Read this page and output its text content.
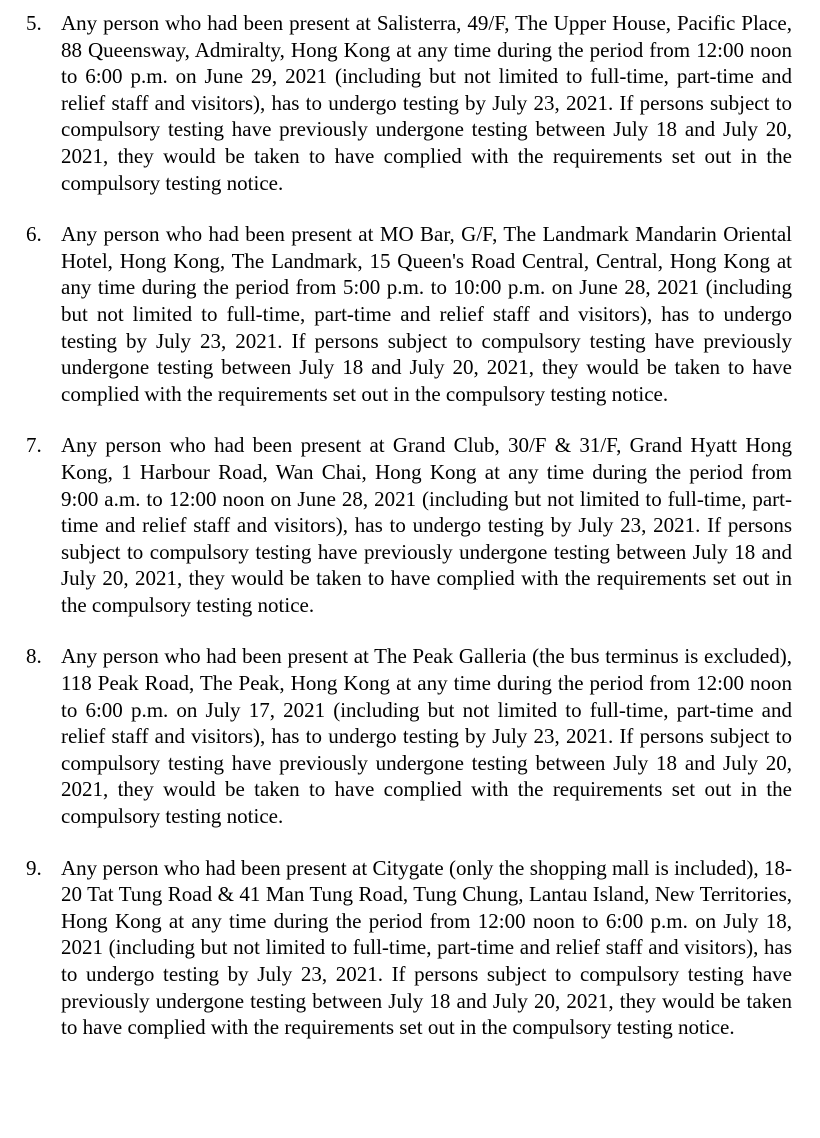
5. Any person who had been present at Salisterra, 49/F, The Upper House, Pacific Place, 88 Queensway, Admiralty, Hong Kong at any time during the period from 12:00 noon to 6:00 p.m. on June 29, 2021 (including but not limited to full-time, part-time and relief staff and visitors), has to undergo testing by July 23, 2021. If persons subject to compulsory testing have previously undergone testing between July 18 and July 20, 2021, they would be taken to have complied with the requirements set out in the compulsory testing notice.

6. Any person who had been present at MO Bar, G/F, The Landmark Mandarin Oriental Hotel, Hong Kong, The Landmark, 15 Queen's Road Central, Central, Hong Kong at any time during the period from 5:00 p.m. to 10:00 p.m. on June 28, 2021 (including but not limited to full-time, part-time and relief staff and visitors), has to undergo testing by July 23, 2021. If persons subject to compulsory testing have previously undergone testing between July 18 and July 20, 2021, they would be taken to have complied with the requirements set out in the compulsory testing notice.

7. Any person who had been present at Grand Club, 30/F & 31/F, Grand Hyatt Hong Kong, 1 Harbour Road, Wan Chai, Hong Kong at any time during the period from 9:00 a.m. to 12:00 noon on June 28, 2021 (including but not limited to full-time, part-time and relief staff and visitors), has to undergo testing by July 23, 2021. If persons subject to compulsory testing have previously undergone testing between July 18 and July 20, 2021, they would be taken to have complied with the requirements set out in the compulsory testing notice.

8. Any person who had been present at The Peak Galleria (the bus terminus is excluded), 118 Peak Road, The Peak, Hong Kong at any time during the period from 12:00 noon to 6:00 p.m. on July 17, 2021 (including but not limited to full-time, part-time and relief staff and visitors), has to undergo testing by July 23, 2021. If persons subject to compulsory testing have previously undergone testing between July 18 and July 20, 2021, they would be taken to have complied with the requirements set out in the compulsory testing notice.

9. Any person who had been present at Citygate (only the shopping mall is included), 18-20 Tat Tung Road & 41 Man Tung Road, Tung Chung, Lantau Island, New Territories, Hong Kong at any time during the period from 12:00 noon to 6:00 p.m. on July 18, 2021 (including but not limited to full-time, part-time and relief staff and visitors), has to undergo testing by July 23, 2021. If persons subject to compulsory testing have previously undergone testing between July 18 and July 20, 2021, they would be taken to have complied with the requirements set out in the compulsory testing notice.
